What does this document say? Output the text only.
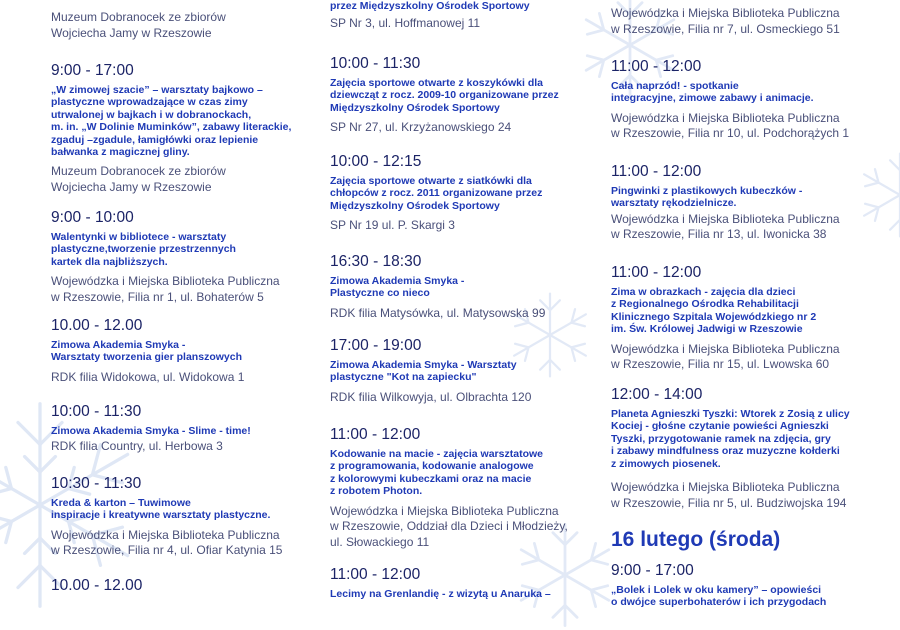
Muzeum Dobranocek ze zbiorów
Wojciecha Jamy w Rzeszowie
9:00 - 17:00
„W zimowej szacie” – warsztaty bajkowo –
plastyczne wprowadzające w czas zimy
utrwalonej w bajkach i w dobranockach,
m. in. „W Dolinie Muminków”, zabawy literackie,
zgaduj –zgadule, łamigłówki oraz lepienie
bałwanka z magicznej gliny.
Muzeum Dobranocek ze zbiorów
Wojciecha Jamy w Rzeszowie
9:00 - 10:00
Walentynki w bibliotece - warsztaty
plastyczne,tworzenie przestrzennych
kartek dla najbliższych.
Wojewódzka i Miejska Biblioteka Publiczna
w Rzeszowie, Filia nr 1, ul. Bohaterów 5
10.00 - 12.00
Zimowa Akademia Smyka -
Warsztaty tworzenia gier planszowych
RDK filia Widokowa, ul. Widokowa 1
10:00 - 11:30
Zimowa Akademia Smyka - Slime - time!
RDK filia Country, ul. Herbowa 3
10:30 - 11:30
Kreda & karton – Tuwimowe
inspiracje i kreatywne warsztaty plastyczne.
Wojewódzka i Miejska Biblioteka Publiczna
w Rzeszowie, Filia nr 4, ul. Ofiar Katynia 15
10.00 - 12.00
przez Międzyszkolny Ośrodek Sportowy
SP Nr 3, ul. Hoffmanowej 11
10:00 - 11:30
Zajęcia sportowe otwarte z koszykówki dla
dziewcząt z rocz. 2009-10 organizowane przez
Międzyszkolny Ośrodek Sportowy
SP Nr 27, ul. Krzyżanowskiego 24
10:00 - 12:15
Zajęcia sportowe otwarte z siatkówki dla
chłopców z rocz. 2011 organizowane przez
Międzyszkolny Ośrodek Sportowy
SP Nr 19 ul. P. Skargi 3
16:30 - 18:30
Zimowa Akademia Smyka -
Plastyczne co nieco
RDK filia Matysówka, ul. Matysowska 99
17:00 - 19:00
Zimowa Akademia Smyka - Warsztaty
plastyczne "Kot na zapiecku"
RDK filia Wilkowyja, ul. Olbrachta 120
11:00 - 12:00
Kodowanie na macie - zajęcia warsztatowe
z programowania, kodowanie analogowe
z kolorowymi kubeczkami oraz na macie
z robotem Photon.
Wojewódzka i Miejska Biblioteka Publiczna
w Rzeszowie, Oddział dla Dzieci i Młodzieży,
ul. Słowackiego 11
11:00 - 12:00
Lecimy na Grenlandię - z wizytą u Anaruka –
Wojewódzka i Miejska Biblioteka Publiczna
w Rzeszowie, Filia nr 7, ul. Osmeckiego 51
11:00 - 12:00
Cała naprzód! - spotkanie
integracyjne, zimowe zabawy i animacje.
Wojewódzka i Miejska Biblioteka Publiczna
w Rzeszowie, Filia nr 10, ul. Podchorążych 1
11:00 - 12:00
Pingwinki z plastikowych kubeczków -
warsztaty rękodzielnicze.
Wojewódzka i Miejska Biblioteka Publiczna
w Rzeszowie, Filia nr 13, ul. Iwonicka 38
11:00 - 12:00
Zima w obrazkach - zajęcia dla dzieci
z Regionalnego Ośrodka Rehabilitacji
Klinicznego Szpitala Wojewódzkiego nr 2
im. Św. Królowej Jadwigi w Rzeszowie
Wojewódzka i Miejska Biblioteka Publiczna
w Rzeszowie, Filia nr 15, ul. Lwowska 60
12:00 - 14:00
Planeta Agnieszki Tyszki: Wtorek z Zosią z ulicy
Kociej - głośne czytanie powieści Agnieszki
Tyszki, przygotowanie ramek na zdjęcia, gry
i zabawy mindfulness oraz muzyczne kołderki
z zimowych piosenek.
Wojewódzka i Miejska Biblioteka Publiczna
w Rzeszowie, Filia nr 5, ul. Budziwojska 194
16 lutego (środa)
9:00 - 17:00
„Bolek i Lolek w oku kamery” – opowieści
o dwójce superbohaterów i ich przygodach
